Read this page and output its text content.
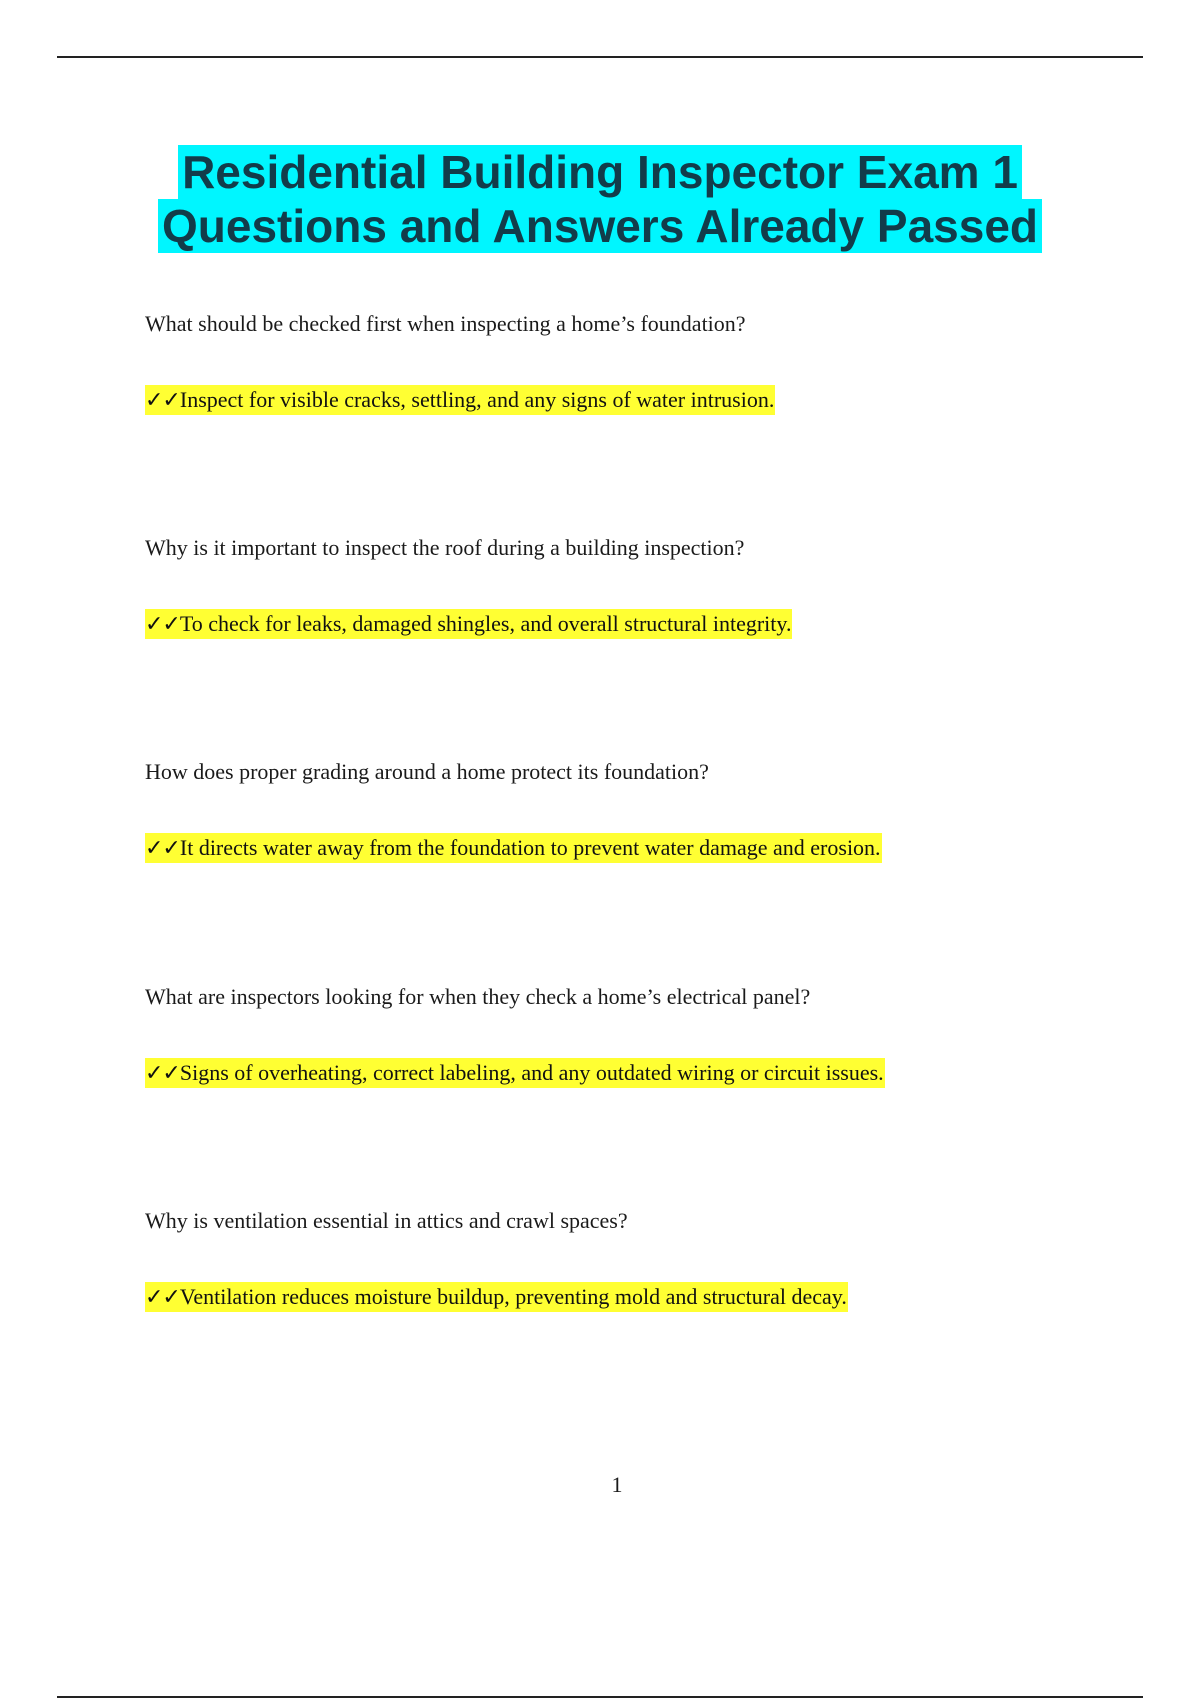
Residential Building Inspector Exam 1
Questions and Answers Already Passed

What should be checked first when inspecting a home’s foundation?

✓✓Inspect for visible cracks, settling, and any signs of water intrusion.

Why is it important to inspect the roof during a building inspection?

✓✓To check for leaks, damaged shingles, and overall structural integrity.

How does proper grading around a home protect its foundation?

✓✓It directs water away from the foundation to prevent water damage and erosion.

What are inspectors looking for when they check a home’s electrical panel?

✓✓Signs of overheating, correct labeling, and any outdated wiring or circuit issues.

Why is ventilation essential in attics and crawl spaces?

✓✓Ventilation reduces moisture buildup, preventing mold and structural decay.
1
